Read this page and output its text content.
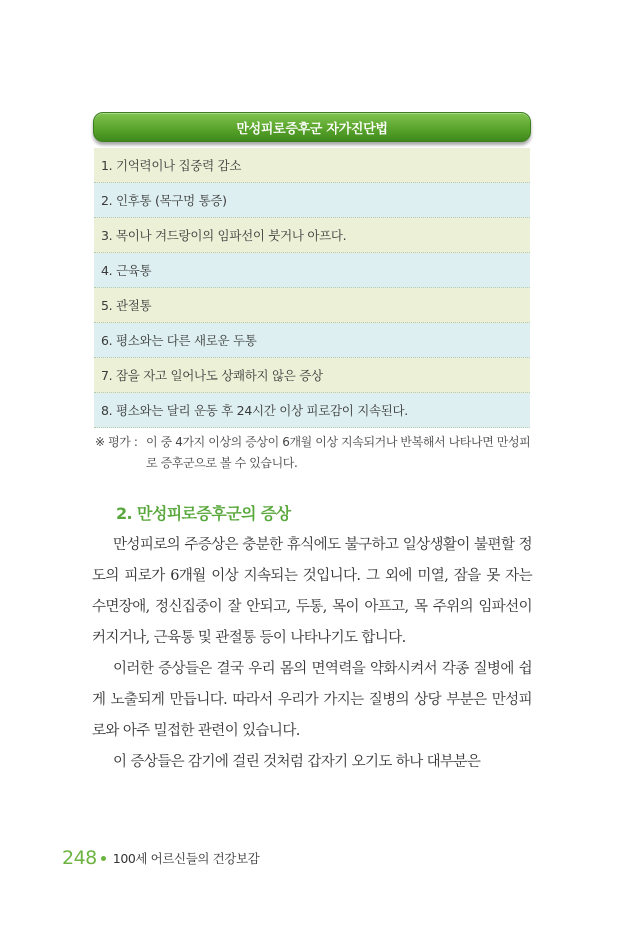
만성피로증후군 자가진단법
1. 기억력이나 집중력 감소
2. 인후통 (목구멍 통증)
3. 목이나 겨드랑이의 임파선이 붓거나 아프다.
4. 근육통
5. 관절통
6. 평소와는 다른 새로운 두통
7. 잠을 자고 일어나도 상쾌하지 않은 증상
8. 평소와는 달리 운동 후 24시간 이상 피로감이 지속된다.
※ 평가 : 이 중 4가지 이상의 증상이 6개월 이상 지속되거나 반복해서 나타나면 만성피로 증후군으로 볼 수 있습니다.
2. 만성피로증후군의 증상

만성피로의 주증상은 충분한 휴식에도 불구하고 일상생활이 불편할 정도의 피로가 6개월 이상 지속되는 것입니다. 그 외에 미열, 잠을 못 자는 수면장애, 정신집중이 잘 안되고, 두통, 목이 아프고, 목 주위의 임파선이 커지거나, 근육통 및 관절통 등이 나타나기도 합니다.

이러한 증상들은 결국 우리 몸의 면역력을 약화시켜서 각종 질병에 쉽게 노출되게 만듭니다. 따라서 우리가 가지는 질병의 상당 부분은 만성피로와 아주 밀접한 관련이 있습니다.

이 증상들은 감기에 걸린 것처럼 갑자기 오기도 하나 대부분은

248 100세 어르신들의 건강보감
